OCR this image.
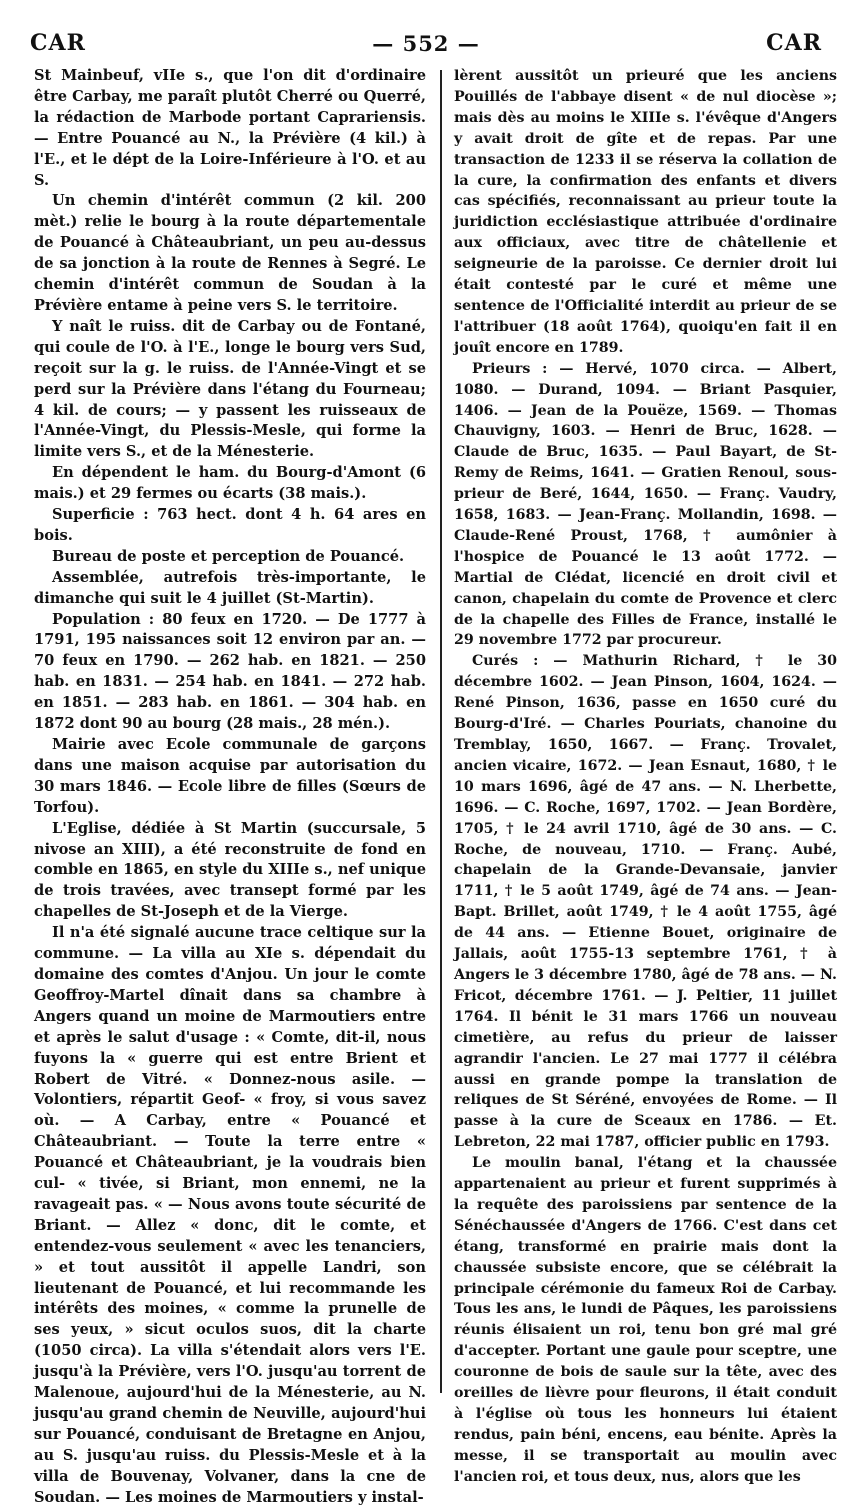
CAR	— 552 —	CAR

St Mainbeuf, vIIe s., que l'on dit d'ordinaire être Carbay, me paraît plutôt Cherré ou Querré, la rédaction de Marbode portant Caprariensis. — Entre Pouancé au N., la Prévière (4 kil.) à l'E., et le dépt de la Loire-Inférieure à l'O. et au S.

Un chemin d'intérêt commun (2 kil. 200 mèt.) relie le bourg à la route départementale de Pouancé à Châteaubriant, un peu au-dessus de sa jonction à la route de Rennes à Segré. Le chemin d'intérêt commun de Soudan à la Prévière entame à peine vers S. le territoire.

Y naît le ruiss. dit de Carbay ou de Fontané, qui coule de l'O. à l'E., longe le bourg vers Sud, reçoit sur la g. le ruiss. de l'Année-Vingt et se perd sur la Prévière dans l'étang du Fourneau; 4 kil. de cours; — y passent les ruisseaux de l'Année-Vingt, du Plessis-Mesle, qui forme la limite vers S., et de la Ménesterie.

En dépendent le ham. du Bourg-d'Amont (6 mais.) et 29 fermes ou écarts (38 mais.).

Superficie : 763 hect. dont 4 h. 64 ares en bois.

Bureau de poste et perception de Pouancé.

Assemblée, autrefois très-importante, le dimanche qui suit le 4 juillet (St-Martin).

Population : 80 feux en 1720. — De 1777 à 1791, 195 naissances soit 12 environ par an. — 70 feux en 1790. — 262 hab. en 1821. — 250 hab. en 1831. — 254 hab. en 1841. — 272 hab. en 1851. — 283 hab. en 1861. — 304 hab. en 1872 dont 90 au bourg (28 mais., 28 mén.).

Mairie avec Ecole communale de garçons dans une maison acquise par autorisation du 30 mars 1846. — Ecole libre de filles (Sœurs de Torfou).

L'Eglise, dédiée à St Martin (succursale, 5 nivose an XIII), a été reconstruite de fond en comble en 1865, en style du XIIIe s., nef unique de trois travées, avec transept formé par les chapelles de St-Joseph et de la Vierge.

Il n'a été signalé aucune trace celtique sur la commune. — La villa au XIe s. dépendait du domaine des comtes d'Anjou. Un jour le comte Geoffroy-Martel dînait dans sa chambre à Angers quand un moine de Marmoutiers entre et après le salut d'usage : « Comte, dit-il, nous fuyons la « guerre qui est entre Brient et Robert de Vitré. « Donnez-nous asile. — Volontiers, répartit Geof- « froy, si vous savez où. — A Carbay, entre « Pouancé et Châteaubriant. — Toute la terre entre « Pouancé et Châteaubriant, je la voudrais bien cul- « tivée, si Briant, mon ennemi, ne la ravageait pas. « — Nous avons toute sécurité de Briant. — Allez « donc, dit le comte, et entendez-vous seulement « avec les tenanciers, » et tout aussitôt il appelle Landri, son lieutenant de Pouancé, et lui recommande les intérêts des moines, « comme la prunelle de ses yeux, » sicut oculos suos, dit la charte (1050 circa). La villa s'étendait alors vers l'E. jusqu'à la Prévière, vers l'O. jusqu'au torrent de Malenoue, aujourd'hui de la Ménesterie, au N. jusqu'au grand chemin de Neuville, aujourd'hui sur Pouancé, conduisant de Bretagne en Anjou, au S. jusqu'au ruiss. du Plessis-Mesle et à la villa de Bouvenay, Volvaner, dans la cne de Soudan. — Les moines de Marmoutiers y instal-

lèrent aussitôt un prieuré que les anciens Pouillés de l'abbaye disent « de nul diocèse »; mais dès au moins le XIIIe s. l'évêque d'Angers y avait droit de gîte et de repas. Par une transaction de 1233 il se réserva la collation de la cure, la confirmation des enfants et divers cas spécifiés, reconnaissant au prieur toute la juridiction ecclésiastique attribuée d'ordinaire aux officiaux, avec titre de châtellenie et seigneurie de la paroisse. Ce dernier droit lui était contesté par le curé et même une sentence de l'Officialité interdit au prieur de se l'attribuer (18 août 1764), quoiqu'en fait il en jouît encore en 1789.

Prieurs : — Hervé, 1070 circa. — Albert, 1080. — Durand, 1094. — Briant Pasquier, 1406. — Jean de la Pouëze, 1569. — Thomas Chauvigny, 1603. — Henri de Bruc, 1628. — Claude de Bruc, 1635. — Paul Bayart, de St-Remy de Reims, 1641. — Gratien Renoul, sous-prieur de Beré, 1644, 1650. — Franç. Vaudry, 1658, 1683. — Jean-Franç. Mollandin, 1698. — Claude-René Proust, 1768, † aumônier à l'hospice de Pouancé le 13 août 1772. — Martial de Clédat, licencié en droit civil et canon, chapelain du comte de Provence et clerc de la chapelle des Filles de France, installé le 29 novembre 1772 par procureur.

Curés : — Mathurin Richard, † le 30 décembre 1602. — Jean Pinson, 1604, 1624. — René Pinson, 1636, passe en 1650 curé du Bourg-d'Iré. — Charles Pouriats, chanoine du Tremblay, 1650, 1667. — Franç. Trovalet, ancien vicaire, 1672. — Jean Esnaut, 1680, † le 10 mars 1696, âgé de 47 ans. — N. Lherbette, 1696. — C. Roche, 1697, 1702. — Jean Bordère, 1705, † le 24 avril 1710, âgé de 30 ans. — C. Roche, de nouveau, 1710. — Franç. Aubé, chapelain de la Grande-Devansaie, janvier 1711, † le 5 août 1749, âgé de 74 ans. — Jean-Bapt. Brillet, août 1749, † le 4 août 1755, âgé de 44 ans. — Etienne Bouet, originaire de Jallais, août 1755-13 septembre 1761, † à Angers le 3 décembre 1780, âgé de 78 ans. — N. Fricot, décembre 1761. — J. Peltier, 11 juillet 1764. Il bénit le 31 mars 1766 un nouveau cimetière, au refus du prieur de laisser agrandir l'ancien. Le 27 mai 1777 il célébra aussi en grande pompe la translation de reliques de St Séréné, envoyées de Rome. — Il passe à la cure de Sceaux en 1786. — Et. Lebreton, 22 mai 1787, officier public en 1793.

Le moulin banal, l'étang et la chaussée appartenaient au prieur et furent supprimés à la requête des paroissiens par sentence de la Sénéchaussée d'Angers de 1766. C'est dans cet étang, transformé en prairie mais dont la chaussée subsiste encore, que se célébrait la principale cérémonie du fameux Roi de Carbay. Tous les ans, le lundi de Pâques, les paroissiens réunis élisaient un roi, tenu bon gré mal gré d'accepter. Portant une gaule pour sceptre, une couronne de bois de saule sur la tête, avec des oreilles de lièvre pour fleurons, il était conduit à l'église où tous les honneurs lui étaient rendus, pain béni, encens, eau bénite. Après la messe, il se transportait au moulin avec l'ancien roi, et tous deux, nus, alors que les
